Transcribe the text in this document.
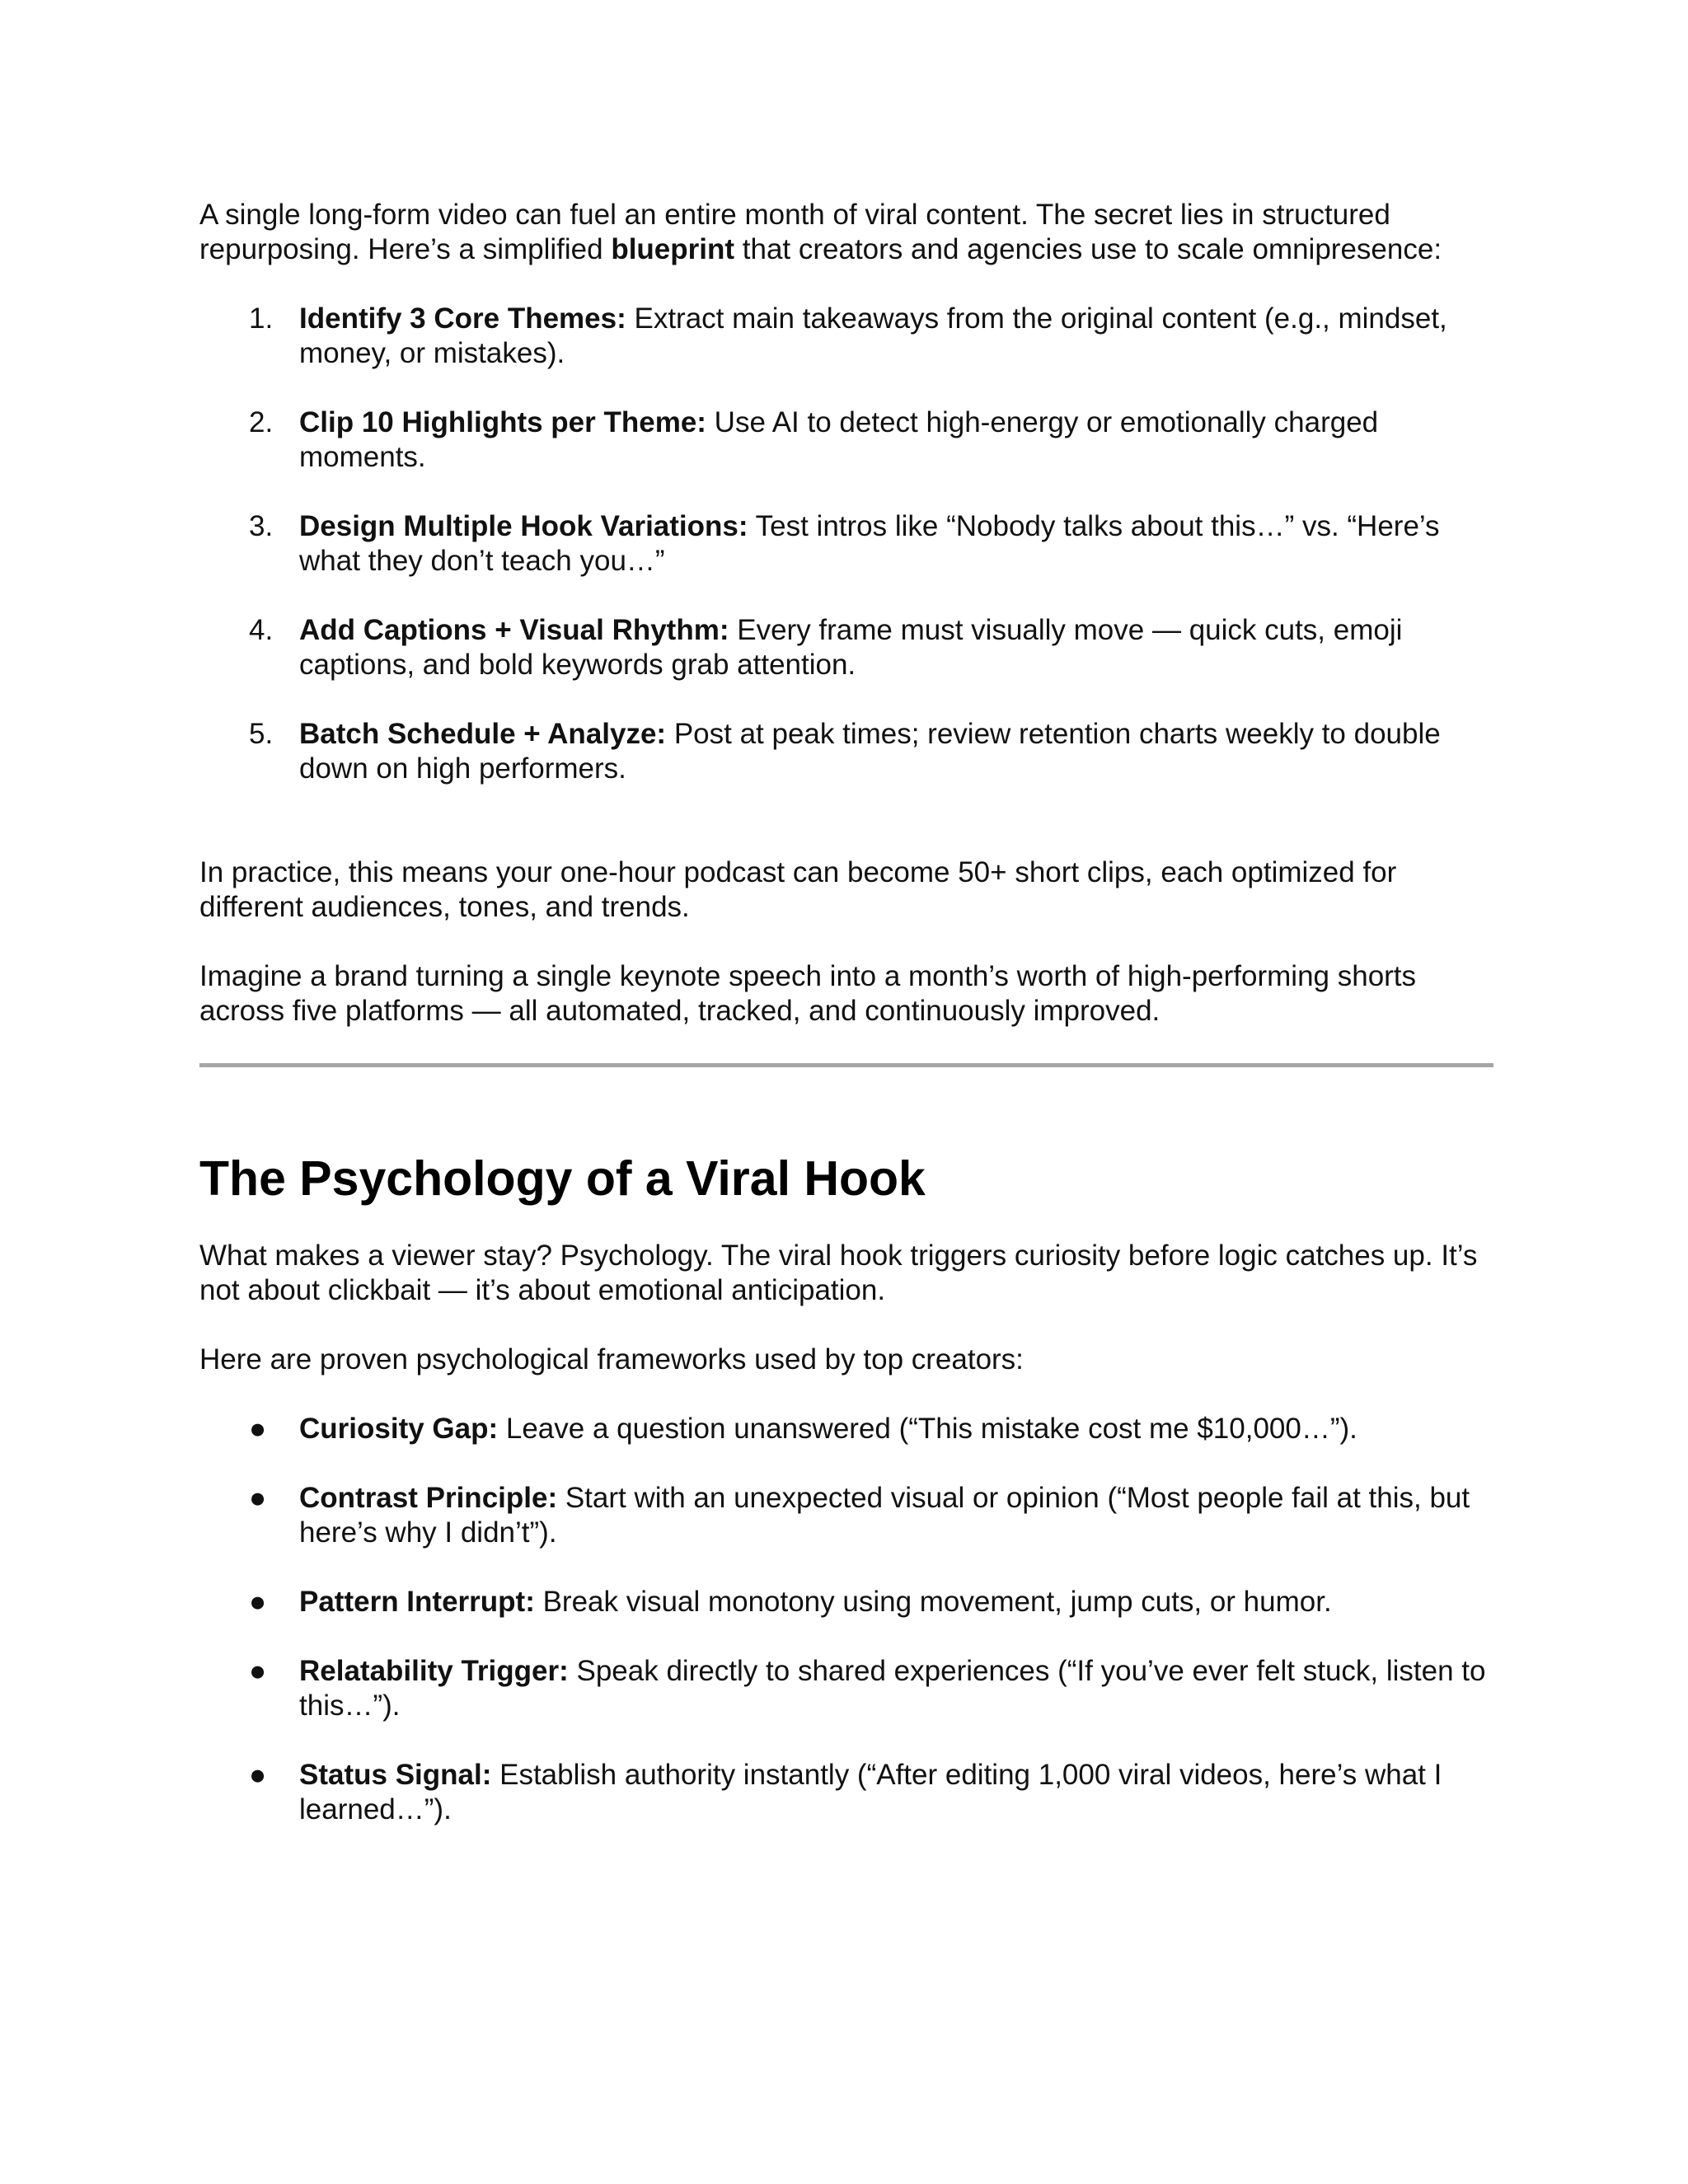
A single long-form video can fuel an entire month of viral content. The secret lies in structured repurposing. Here’s a simplified blueprint that creators and agencies use to scale omnipresence:

1. Identify 3 Core Themes: Extract main takeaways from the original content (e.g., mindset, money, or mistakes).
2. Clip 10 Highlights per Theme: Use AI to detect high-energy or emotionally charged moments.
3. Design Multiple Hook Variations: Test intros like “Nobody talks about this…” vs. “Here’s what they don’t teach you…”
4. Add Captions + Visual Rhythm: Every frame must visually move — quick cuts, emoji captions, and bold keywords grab attention.
5. Batch Schedule + Analyze: Post at peak times; review retention charts weekly to double down on high performers.

In practice, this means your one-hour podcast can become 50+ short clips, each optimized for different audiences, tones, and trends.

Imagine a brand turning a single keynote speech into a month’s worth of high-performing shorts across five platforms — all automated, tracked, and continuously improved.

The Psychology of a Viral Hook

What makes a viewer stay? Psychology. The viral hook triggers curiosity before logic catches up. It’s not about clickbait — it’s about emotional anticipation.

Here are proven psychological frameworks used by top creators:

● Curiosity Gap: Leave a question unanswered (“This mistake cost me $10,000…”).
● Contrast Principle: Start with an unexpected visual or opinion (“Most people fail at this, but here’s why I didn’t”).
● Pattern Interrupt: Break visual monotony using movement, jump cuts, or humor.
● Relatability Trigger: Speak directly to shared experiences (“If you’ve ever felt stuck, listen to this…”).
● Status Signal: Establish authority instantly (“After editing 1,000 viral videos, here’s what I learned…”).
